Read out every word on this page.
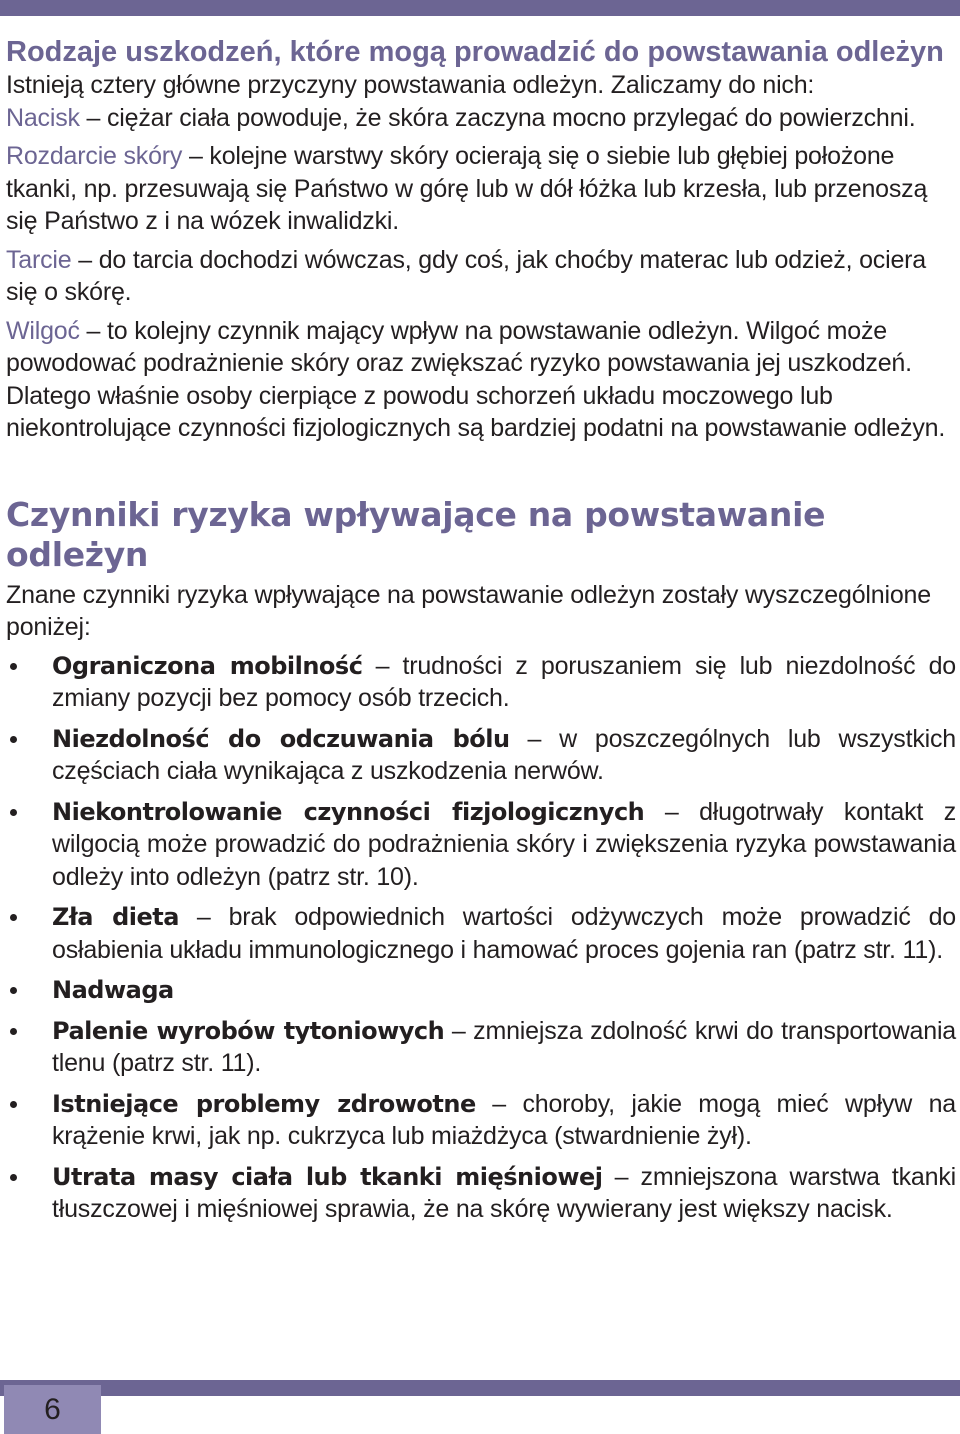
Rodzaje uszkodzeń, które mogą prowadzić do powstawania odleżyn

Istnieją cztery główne przyczyny powstawania odleżyn. Zaliczamy do nich:

Nacisk – ciężar ciała powoduje, że skóra zaczyna mocno przylegać do powierzchni.

Rozdarcie skóry – kolejne warstwy skóry ocierają się o siebie lub głębiej położone tkanki, np. przesuwają się Państwo w górę lub w dół łóżka lub krzesła, lub przenoszą się Państwo z i na wózek inwalidzki.

Tarcie – do tarcia dochodzi wówczas, gdy coś, jak choćby materac lub odzież, ociera się o skórę.

Wilgoć – to kolejny czynnik mający wpływ na powstawanie odleżyn. Wilgoć może powodować podrażnienie skóry oraz zwiększać ryzyko powstawania jej uszkodzeń. Dlatego właśnie osoby cierpiące z powodu schorzeń układu moczowego lub niekontrolujące czynności fizjologicznych są bardziej podatni na powstawanie odleżyn.

Czynniki ryzyka wpływające na powstawanie odleżyn

Znane czynniki ryzyka wpływające na powstawanie odleżyn zostały wyszczególnione poniżej:

Ograniczona mobilność – trudności z poruszaniem się lub niezdolność do zmiany pozycji bez pomocy osób trzecich.
Niezdolność do odczuwania bólu – w poszczególnych lub wszystkich częściach ciała wynikająca z uszkodzenia nerwów.
Niekontrolowanie czynności fizjologicznych – długotrwały kontakt z wilgocią może prowadzić do podrażnienia skóry i zwiększenia ryzyka powstawania odleży into odleżyn (patrz str. 10).
Zła dieta – brak odpowiednich wartości odżywczych może prowadzić do osłabienia układu immunologicznego i hamować proces gojenia ran (patrz str. 11).
Nadwaga
Palenie wyrobów tytoniowych – zmniejsza zdolność krwi do transportowania tlenu (patrz str. 11).
Istniejące problemy zdrowotne – choroby, jakie mogą mieć wpływ na krążenie krwi, jak np. cukrzyca lub miażdżyca (stwardnienie żył).
Utrata masy ciała lub tkanki mięśniowej – zmniejszona warstwa tkanki tłuszczowej i mięśniowej sprawia, że na skórę wywierany jest większy nacisk.
6
